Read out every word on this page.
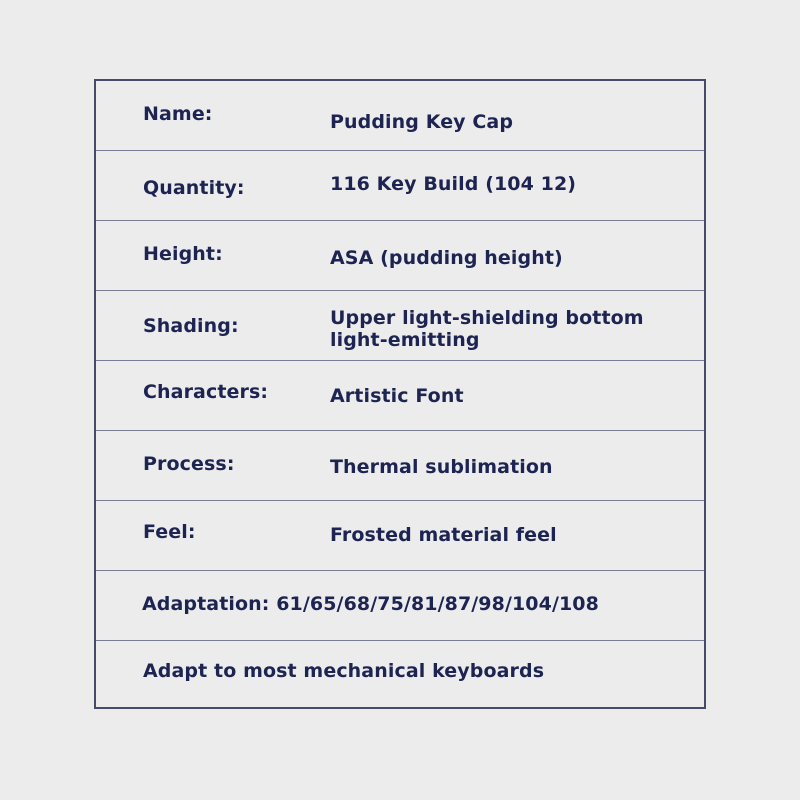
Name:	Pudding Key Cap
Quantity:	116 Key Build (104 12)
Height:	ASA (pudding height)
Shading:	Upper light-shielding bottom
light-emitting
Characters:	Artistic Font
Process:	Thermal sublimation
Feel:	Frosted material feel
Adaptation: 61/65/68/75/81/87/98/104/108
Adapt to most mechanical keyboards
